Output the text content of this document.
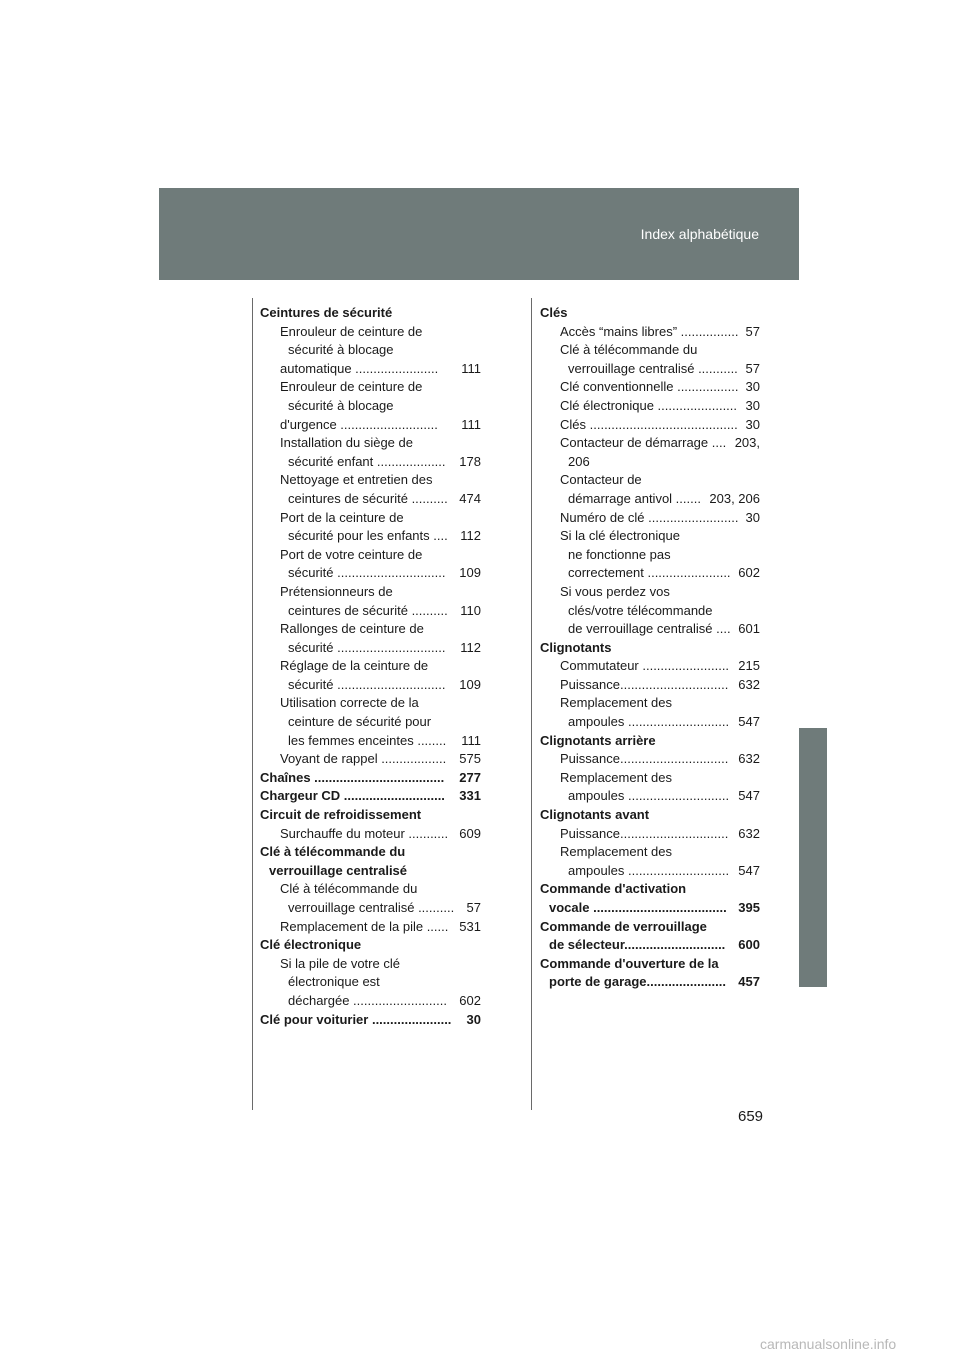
Index alphabétique
Ceintures de sécurité
Enrouleur de ceinture de
sécurité à blocage
automatique ....................... 111
Enrouleur de ceinture de
sécurité à blocage
d'urgence ........................... 111
Installation du siège de
sécurité enfant ................... 178
Nettoyage et entretien des
ceintures de sécurité .......... 474
Port de la ceinture de
sécurité pour les enfants .... 112
Port de votre ceinture de
sécurité .............................. 109
Prétensionneurs de
ceintures de sécurité .......... 110
Rallonges de ceinture de
sécurité .............................. 112
Réglage de la ceinture de
sécurité .............................. 109
Utilisation correcte de la
ceinture de sécurité pour
les femmes enceintes ........ 111
Voyant de rappel .................. 575
Chaînes .................................... 277
Chargeur CD ............................ 331
Circuit de refroidissement
Surchauffe du moteur ........... 609
Clé à télécommande du
verrouillage centralisé
Clé à télécommande du
verrouillage centralisé .......... 57
Remplacement de la pile ...... 531
Clé électronique
Si la pile de votre clé
électronique est
déchargée .......................... 602
Clé pour voiturier ...................... 30
Clés
Accès “mains libres” ................ 57
Clé à télécommande du
verrouillage centralisé ........... 57
Clé conventionnelle ................. 30
Clé électronique ...................... 30
Clés ......................................... 30
Contacteur de démarrage .... 203,
206
Contacteur de
démarrage antivol ....... 203, 206
Numéro de clé ......................... 30
Si la clé électronique
ne fonctionne pas
correctement ....................... 602
Si vous perdez vos
clés/votre télécommande
de verrouillage centralisé .... 601
Clignotants
Commutateur ........................ 215
Puissance.............................. 632
Remplacement des
ampoules ............................ 547
Clignotants arrière
Puissance.............................. 632
Remplacement des
ampoules ............................ 547
Clignotants avant
Puissance.............................. 632
Remplacement des
ampoules ............................ 547
Commande d'activation
vocale ..................................... 395
Commande de verrouillage
de sélecteur............................ 600
Commande d'ouverture de la
porte de garage...................... 457
659
carmanualsonline.info
